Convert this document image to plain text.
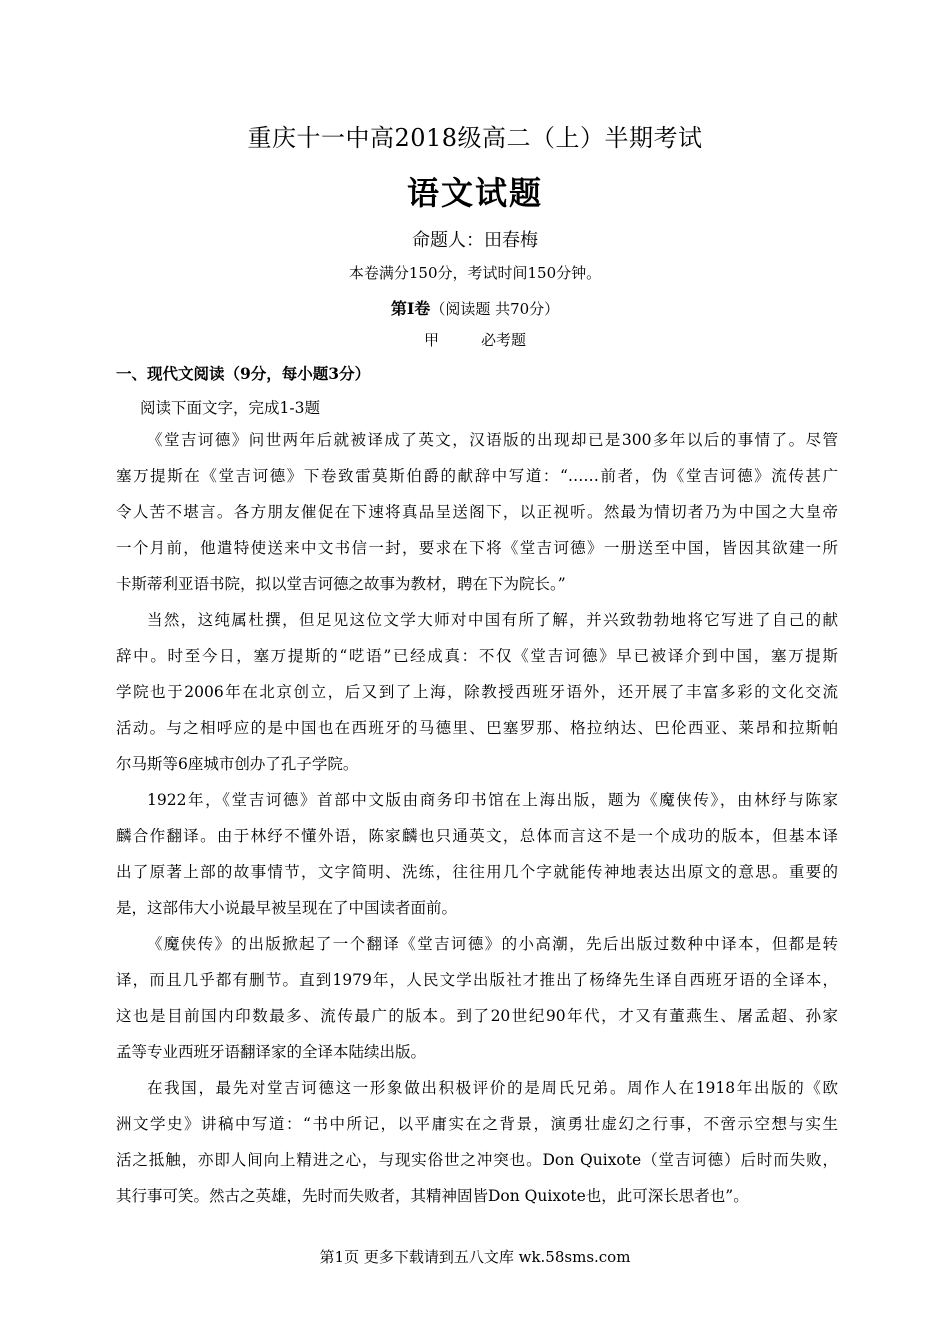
重庆十一中高2018级高二（上）半期考试
语文试题
命题人：田春梅
本卷满分150分，考试时间150分钟。
第Ⅰ卷（阅读题 共70分）
甲	必考题
一、现代文阅读（9分，每小题3分）
阅读下面文字，完成1-3题
《堂吉诃德》问世两年后就被译成了英文，汉语版的出现却已是300多年以后的事情了。尽管
塞万提斯在《堂吉诃德》下卷致雷莫斯伯爵的献辞中写道：“……前者，伪《堂吉诃德》流传甚广
令人苦不堪言。各方朋友催促在下速将真品呈送阁下，以正视听。然最为情切者乃为中国之大皇帝
一个月前，他遣特使送来中文书信一封，要求在下将《堂吉诃德》一册送至中国，皆因其欲建一所
卡斯蒂利亚语书院，拟以堂吉诃德之故事为教材，聘在下为院长。”
当然，这纯属杜撰，但足见这位文学大师对中国有所了解，并兴致勃勃地将它写进了自己的献
辞中。时至今日，塞万提斯的“呓语”已经成真：不仅《堂吉诃德》早已被译介到中国，塞万提斯
学院也于2006年在北京创立，后又到了上海，除教授西班牙语外，还开展了丰富多彩的文化交流
活动。与之相呼应的是中国也在西班牙的马德里、巴塞罗那、格拉纳达、巴伦西亚、莱昂和拉斯帕
尔马斯等6座城市创办了孔子学院。
1922年，《堂吉诃德》首部中文版由商务印书馆在上海出版，题为《魔侠传》，由林纾与陈家
麟合作翻译。由于林纾不懂外语，陈家麟也只通英文，总体而言这不是一个成功的版本，但基本译
出了原著上部的故事情节，文字简明、洗练，往往用几个字就能传神地表达出原文的意思。重要的
是，这部伟大小说最早被呈现在了中国读者面前。
《魔侠传》的出版掀起了一个翻译《堂吉诃德》的小高潮，先后出版过数种中译本，但都是转
译，而且几乎都有删节。直到1979年，人民文学出版社才推出了杨绛先生译自西班牙语的全译本，
这也是目前国内印数最多、流传最广的版本。到了20世纪90年代，才又有董燕生、屠孟超、孙家
孟等专业西班牙语翻译家的全译本陆续出版。
在我国，最先对堂吉诃德这一形象做出积极评价的是周氏兄弟。周作人在1918年出版的《欧
洲文学史》讲稿中写道：“书中所记，以平庸实在之背景，演勇壮虚幻之行事，不啻示空想与实生
活之抵触，亦即人间向上精进之心，与现实俗世之冲突也。Don Quixote（堂吉诃德）后时而失败，
其行事可笑。然古之英雄，先时而失败者，其精神固皆Don Quixote也，此可深长思者也”。
第1页 更多下载请到五八文库 wk.58sms.com
